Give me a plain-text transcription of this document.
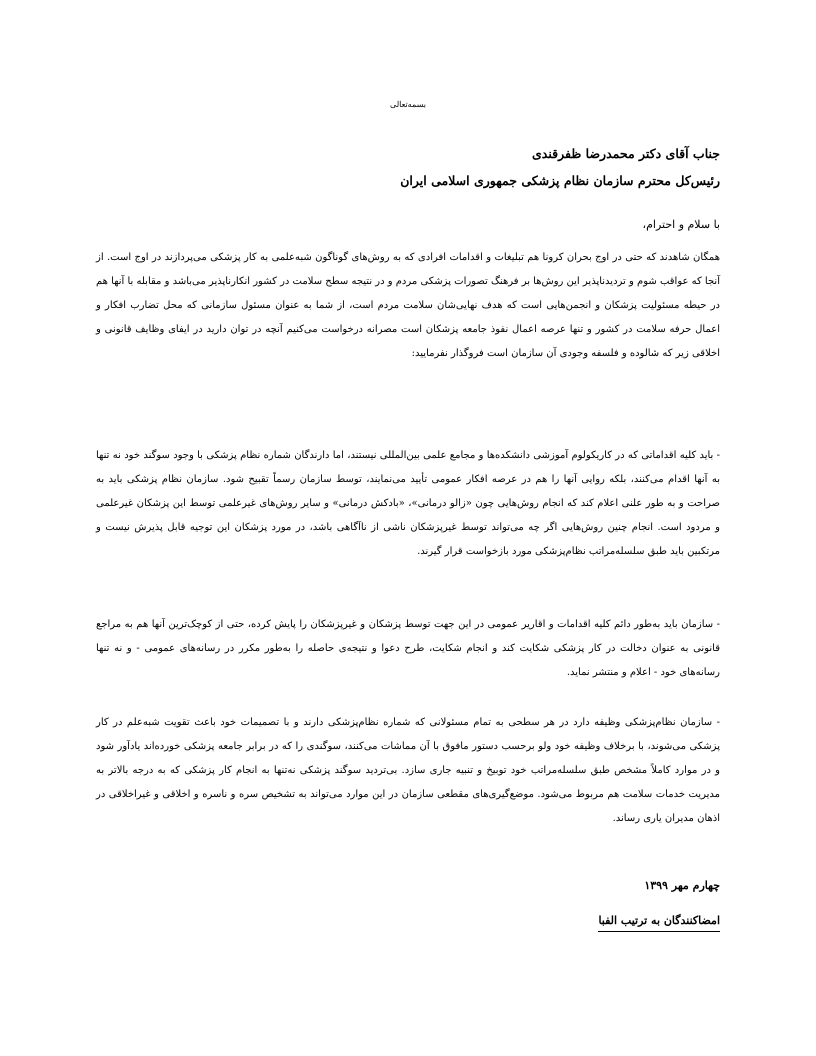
بسمه‌تعالی
جناب آقای دکتر محمدرضا ظفرقندی
رئیس‌کل محترم سازمان نظام پزشکی جمهوری اسلامی ایران
با سلام و احترام،

همگان شاهدند که حتی در اوج بحران کرونا هم تبلیغات و اقدامات افرادی که به روش‌های گوناگون شبه‌علمی به کار پزشکی می‌پردازند در اوج است. از آنجا که عواقب شوم و تردیدناپذیر این روش‌ها بر فرهنگ تصورات پزشکی مردم و در نتیجه سطح سلامت در کشور انکارناپذیر می‌باشد و مقابله با آنها هم در حیطه مسئولیت پزشکان و انجمن‌هایی است که هدف نهایی‌شان سلامت مردم است، از شما به عنوان مسئول سازمانی که محل تضارب افکار و اعمال حرفه سلامت در کشور و تنها عرصه اعمال نفوذ جامعه پزشکان است مصرانه درخواست می‌کنیم آنچه در توان دارید در ایفای وظایف قانونی و اخلاقی زیر که شالوده و فلسفه وجودی آن سازمان است فروگذار نفرمایید:

- باید کلیه اقداماتی که در کاریکولوم آموزشی دانشکده‌ها و مجامع علمی بین‌المللی نیستند، اما دارندگان شماره نظام پزشکی با وجود سوگند خود نه تنها به آنها اقدام می‌کنند، بلکه روایی آنها را هم در عرصه افکار عمومی تأیید می‌نمایند، توسط سازمان رسماً تقبیح شود. سازمان نظام پزشکی باید به صراحت و به طور علنی اعلام کند که انجام روش‌هایی چون «زالو درمانی»، «بادکش درمانی» و سایر روش‌های غیرعلمی توسط این پزشکان غیرعلمی و مردود است. انجام چنین روش‌هایی اگر چه می‌تواند توسط غیرپزشکان ناشی از ناآگاهی باشد، در مورد پزشکان این توجیه قابل پذیرش نیست و مرتکبین باید طبق سلسله‌مراتب نظام‌پزشکی مورد بازخواست قرار گیرند.

- سازمان باید به‌طور دائم کلیه اقدامات و اقاریر عمومی در این جهت توسط پزشکان و غیرپزشکان را پایش کرده، حتی از کوچک‌ترین آنها هم به مراجع قانونی به عنوان دخالت در کار پزشکی شکایت کند و انجام شکایت، طرح دعوا و نتیجه‌ی حاصله را به‌طور مکرر در رسانه‌های عمومی - و نه تنها رسانه‌های خود - اعلام و منتشر نماید.

- سازمان نظام‌پزشکی وظیفه دارد در هر سطحی به تمام مسئولانی که شماره نظام‌پزشکی دارند و با تصمیمات خود باعث تقویت شبه‌علم در کار پزشکی می‌شوند، با برخلاف وظیفه خود ولو برحسب دستور مافوق با آن مماشات می‌کنند، سوگندی را که در برابر جامعه پزشکی خورده‌اند یادآور شود و در موارد کاملاً مشخص طبق سلسله‌مراتب خود توبیخ و تنبیه جاری سازد. بی‌تردید سوگند پزشکی نه‌تنها به انجام کار پزشکی که به درجه بالاتر به مدیریت خدمات سلامت هم مربوط می‌شود. موضع‌گیری‌های مقطعی سازمان در این موارد می‌تواند به تشخیص سره و ناسره و اخلاقی و غیراخلاقی در اذهان مدیران یاری رساند.

چهارم مهر ۱۳۹۹
امضاکنندگان به ترتیب الفبا
